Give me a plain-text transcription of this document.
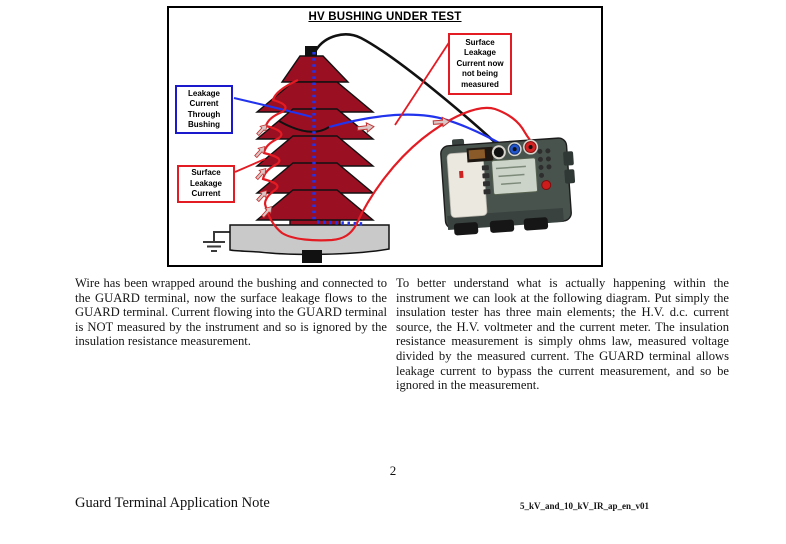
HV BUSHING UNDER TEST
Leakage Current Through Bushing
Surface Leakage Current
Surface Leakage Current now not being measured
Wire has been wrapped around the bushing and connected to the GUARD terminal, now the surface leakage flows to the GUARD terminal. Current flowing into the GUARD terminal is NOT measured by the instrument and so is ignored by the insulation resistance measurement.
To better understand what is actually happening within the instrument we can look at the following diagram. Put simply the insulation tester has three main elements; the H.V. d.c. current source, the H.V. voltmeter and the current meter. The insulation resistance measurement is simply ohms law, measured voltage divided by the measured current. The GUARD terminal allows leakage current to bypass the current measurement, and so be ignored in the measurement.
2
Guard Terminal Application Note	5_kV_and_10_kV_IR_ap_en_v01
